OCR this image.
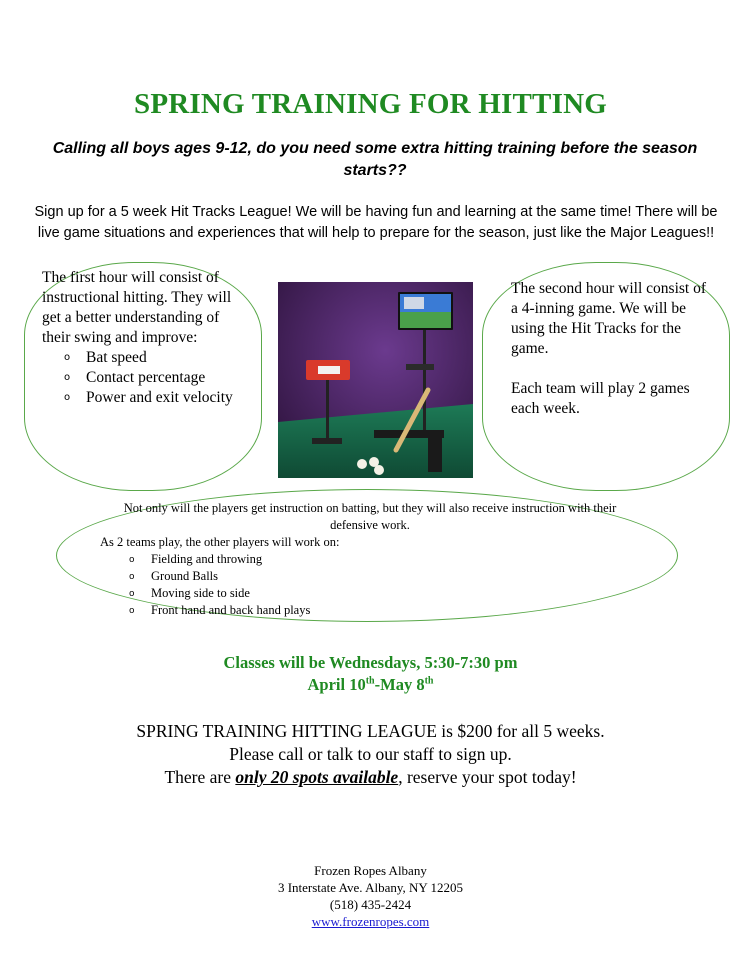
SPRING TRAINING FOR HITTING
Calling all boys ages 9-12, do you need some extra hitting training before the season starts??
Sign up for a 5 week Hit Tracks League! We will be having fun and learning at the same time! There will be live game situations and experiences that will help to prepare for the season, just like the Major Leagues!!
The first hour will consist of instructional hitting. They will get a better understanding of their swing and improve:
o Bat speed
o Contact percentage
o Power and exit velocity
The second hour will consist of a 4-inning game. We will be using the Hit Tracks for the game.
Each team will play 2 games each week.
Not only will the players get instruction on batting, but they will also receive instruction with their defensive work.
As 2 teams play, the other players will work on:
o Fielding and throwing
o Ground Balls
o Moving side to side
o Front hand and back hand plays
Classes will be Wednesdays, 5:30-7:30 pm
April 10th-May 8th
SPRING TRAINING HITTING LEAGUE is $200 for all 5 weeks.
Please call or talk to our staff to sign up.
There are only 20 spots available, reserve your spot today!
Frozen Ropes Albany
3 Interstate Ave. Albany, NY 12205
(518) 435-2424
www.frozenropes.com
